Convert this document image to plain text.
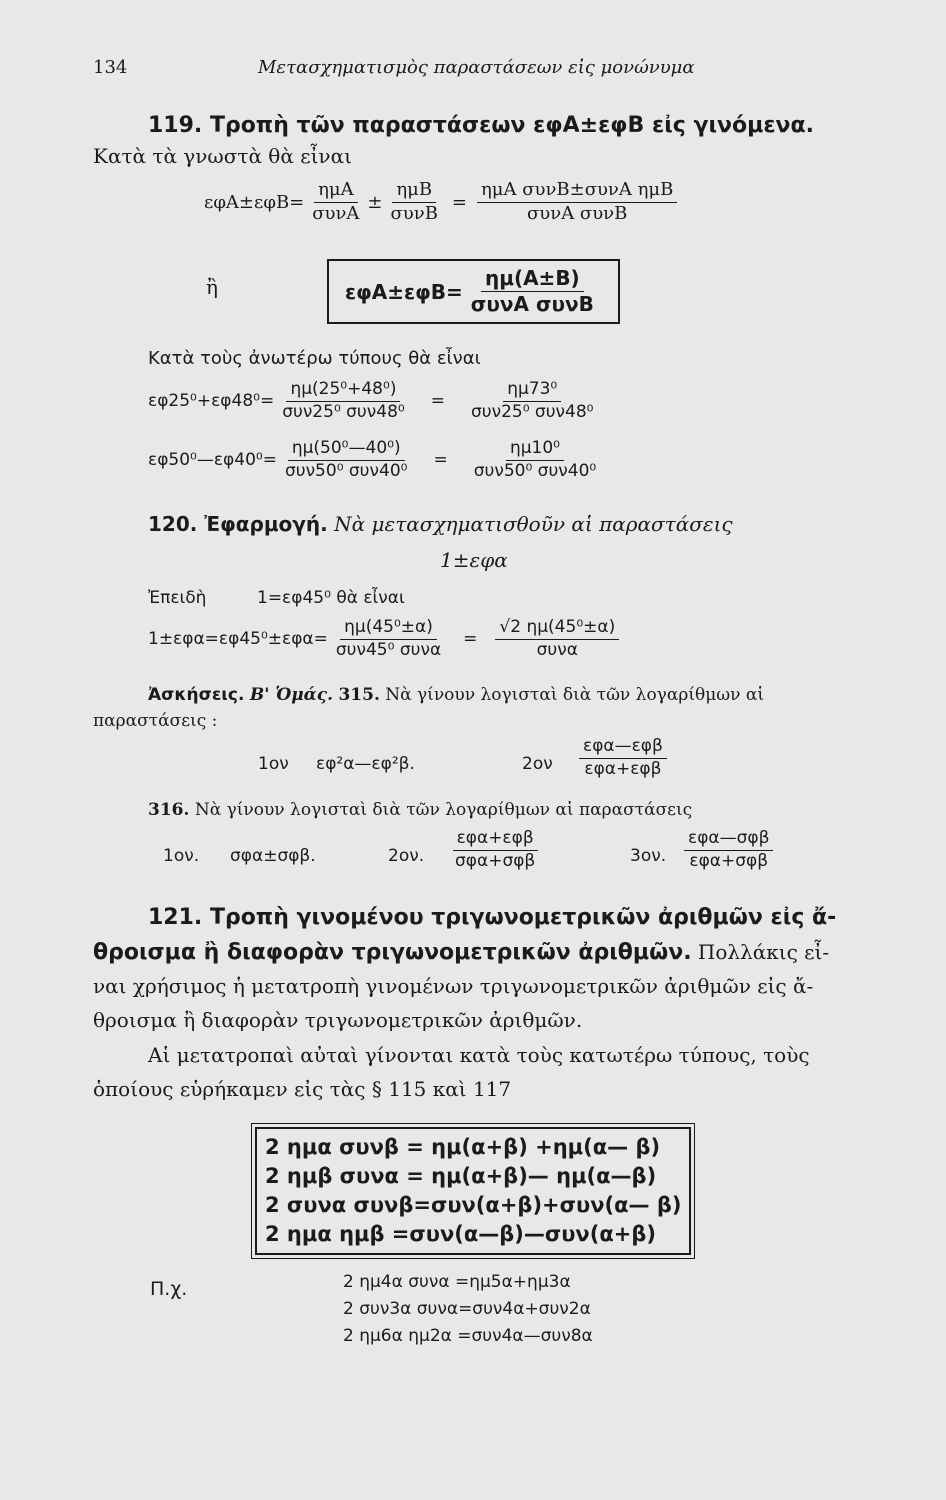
134	Μετασχηματισμὸς παραστάσεων εἰς μονώνυμα
119. Τροπὴ τῶν παραστάσεων εφΑ±εφΒ εἰς γινόμενα.
Κατὰ τὰ γνωστὰ θὰ εἶναι
$\varepsilon\varphi A\pm\varepsilon\varphi B= \frac{\text{ημΑ}}{\text{συνΑ}} \pm \frac{\text{ημΒ}}{\text{συνΒ}} = \frac{\text{ημΑ συνΒ±συνΑ ημΒ}}{\text{συνΑ συνΒ}}$
ἢ	$\varepsilon\varphi A\pm\varepsilon\varphi B= \frac{\eta\mu(A\pm B)}{\text{συνΑ συνΒ}}$
Κατὰ τοὺς ἀνωτέρω τύπους θὰ εἶναι
$\varepsilon\varphi 25^0+\varepsilon\varphi 48^0= \frac{\text{ημ(25⁰+48⁰)}}{\text{συν25⁰ συν48⁰}} = \frac{\text{ημ73⁰}}{\text{συν25⁰ συν48⁰}}$
εφ50⁰—εφ40⁰= $\frac{\text{ημ(50⁰—40⁰)}}{\text{συν50⁰ συν40⁰}} = \frac{\text{ημ10⁰}}{\text{συν50⁰ συν40⁰}}$
120. Ἐφαρμογή. Νὰ μετασχηματισθοῦν αἱ παραστάσεις
1±εφα
Ἐπειδὴ	1=εφ45⁰ θὰ εἶναι
$1\pm\varepsilon\varphi\alpha=\varepsilon\varphi 45^0\pm\varepsilon\varphi\alpha= \frac{\text{ημ(45⁰±α)}}{\text{συν45⁰ συνα}} = \frac{\text{√2 ημ(45⁰±α)}}{\text{συνα}}$
Ἀσκήσεις. Β' Ὁμάς. 315. Νὰ γίνουν λογισταὶ διὰ τῶν λογαρίθμων αἱ
παραστάσεις :
1ον εφ²α—εφ²β.	$2o\nu \frac{\text{εφα—εφβ}}{\text{εφα+εφβ}}$
316. Νὰ γίνουν λογισταὶ διὰ τῶν λογαρίθμων αἱ παραστάσεις
1ον. σφα±σφβ.	2ον. $\frac{\text{εφα+εφβ}}{\text{σφα+σφβ}}$	3ον. $\frac{\text{εφα—σφβ}}{\text{εφα+σφβ}}$
121. Τροπὴ γινομένου τριγωνομετρικῶν ἀριθμῶν εἰς ἄ-
θροισμα ἢ διαφορὰν τριγωνομετρικῶν ἀριθμῶν. Πολλάκις εἶ-
ναι χρήσιμος ἡ μετατροπὴ γινομένων τριγωνομετρικῶν ἀριθμῶν εἰς ἄ-
θροισμα ἢ διαφορὰν τριγωνομετρικῶν ἀριθμῶν.
Αἱ μετατροπαὶ αὐταὶ γίνονται κατὰ τοὺς κατωτέρω τύπους, τοὺς
ὁποίους εὑρήκαμεν εἰς τὰς § 115 καὶ 117
2 ημα συνβ = ημ(α+β) +ημ(α— β)
2 ημβ συνα = ημ(α+β)— ημ(α—β)
2 συνα συνβ=συν(α+β)+συν(α— β)
2 ημα ημβ =συν(α—β)—συν(α+β)
Π.χ.	2 ημ4α συνα =ημ5α+ημ3α
2 συν3α συνα=συν4α+συν2α
2 ημ6α ημ2α =συν4α—συν8α
